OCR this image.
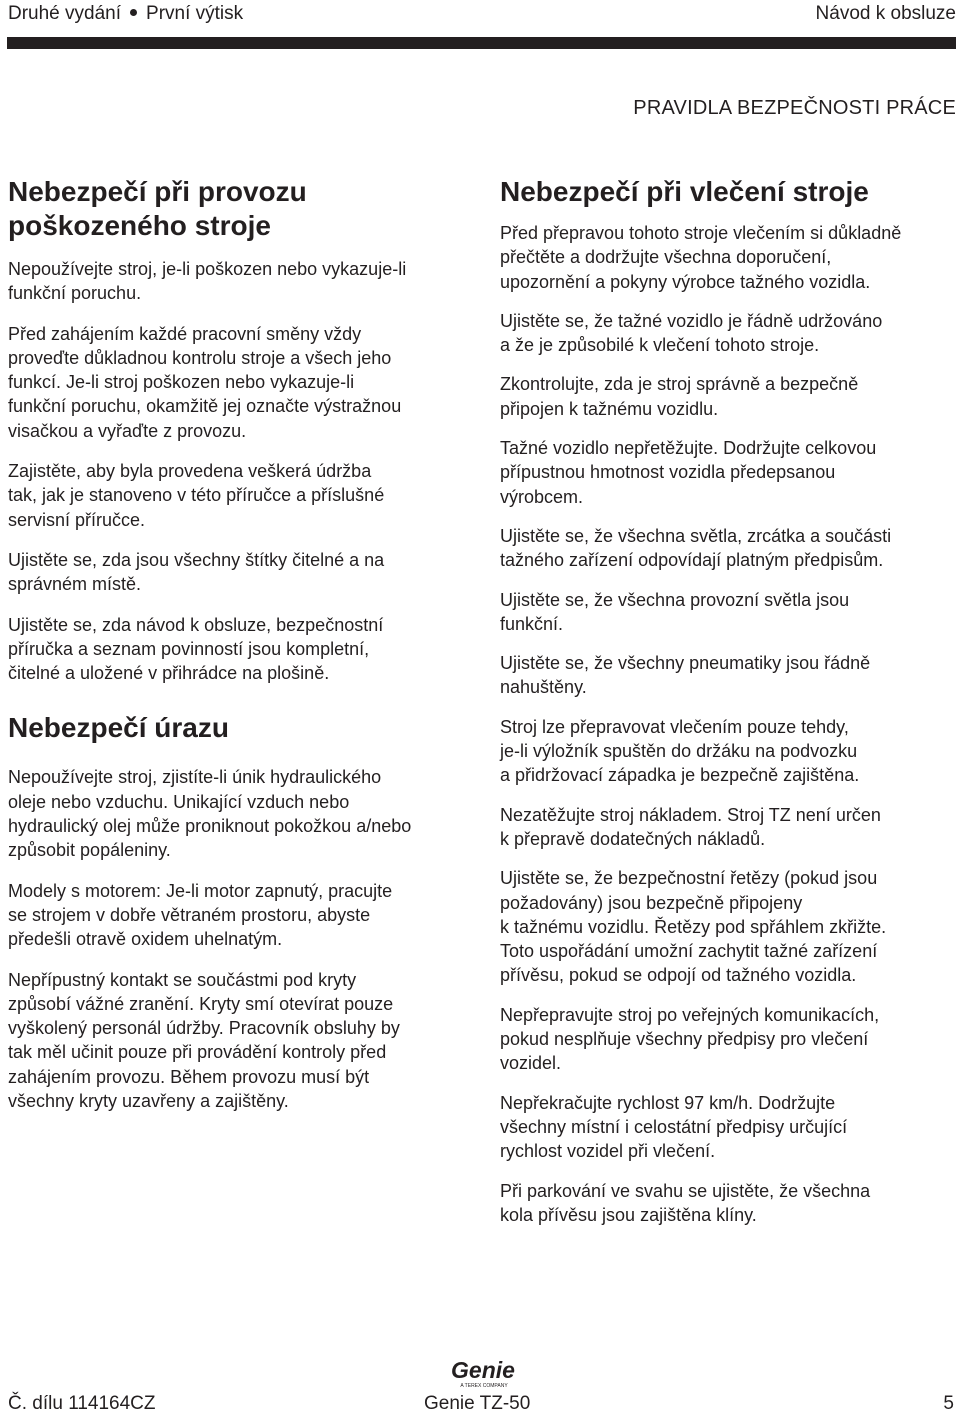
Druhé vydání První výtisk	Návod k obsluze
PRAVIDLA BEZPEČNOSTI PRÁCE
Nebezpečí při provozu
poškozeného stroje

Nepoužívejte stroj, je-li poškozen nebo vykazuje-li
funkční poruchu.

Před zahájením každé pracovní směny vždy
proveďte důkladnou kontrolu stroje a všech jeho
funkcí. Je-li stroj poškozen nebo vykazuje-li
funkční poruchu, okamžitě jej označte výstražnou
visačkou a vyřaďte z provozu.

Zajistěte, aby byla provedena veškerá údržba
tak, jak je stanoveno v této příručce a příslušné
servisní příručce.

Ujistěte se, zda jsou všechny štítky čitelné a na
správném místě.

Ujistěte se, zda návod k obsluze, bezpečnostní
příručka a seznam povinností jsou kompletní,
čitelné a uložené v přihrádce na plošině.

Nebezpečí úrazu

Nepoužívejte stroj, zjistíte-li únik hydraulického
oleje nebo vzduchu. Unikající vzduch nebo
hydraulický olej může proniknout pokožkou a/nebo
způsobit popáleniny.

Modely s motorem: Je-li motor zapnutý, pracujte
se strojem v dobře větraném prostoru, abyste
předešli otravě oxidem uhelnatým.

Nepřípustný kontakt se součástmi pod kryty
způsobí vážné zranění. Kryty smí otevírat pouze
vyškolený personál údržby. Pracovník obsluhy by
tak měl učinit pouze při provádění kontroly před
zahájením provozu. Během provozu musí být
všechny kryty uzavřeny a zajištěny.

Nebezpečí při vlečení stroje

Před přepravou tohoto stroje vlečením si důkladně
přečtěte a dodržujte všechna doporučení,
upozornění a pokyny výrobce tažného vozidla.

Ujistěte se, že tažné vozidlo je řádně udržováno
a že je způsobilé k vlečení tohoto stroje.

Zkontrolujte, zda je stroj správně a bezpečně
připojen k tažnému vozidlu.

Tažné vozidlo nepřetěžujte. Dodržujte celkovou
přípustnou hmotnost vozidla předepsanou
výrobcem.

Ujistěte se, že všechna světla, zrcátka a součásti
tažného zařízení odpovídají platným předpisům.

Ujistěte se, že všechna provozní světla jsou
funkční.

Ujistěte se, že všechny pneumatiky jsou řádně
nahuštěny.

Stroj lze přepravovat vlečením pouze tehdy,
je-li výložník spuštěn do držáku na podvozku
a přidržovací západka je bezpečně zajištěna.

Nezatěžujte stroj nákladem. Stroj TZ není určen
k přepravě dodatečných nákladů.

Ujistěte se, že bezpečnostní řetězy (pokud jsou
požadovány) jsou bezpečně připojeny
k tažnému vozidlu. Řetězy pod spřáhlem zkřižte.
Toto uspořádání umožní zachytit tažné zařízení
přívěsu, pokud se odpojí od tažného vozidla.

Nepřepravujte stroj po veřejných komunikacích,
pokud nesplňuje všechny předpisy pro vlečení
vozidel.

Nepřekračujte rychlost 97 km/h. Dodržujte
všechny místní i celostátní předpisy určující
rychlost vozidel při vlečení.

Při parkování ve svahu se ujistěte, že všechna
kola přívěsu jsou zajištěna klíny.

Genie
A TEREX COMPANY
Č. dílu 114164CZ	Genie TZ-50	5
